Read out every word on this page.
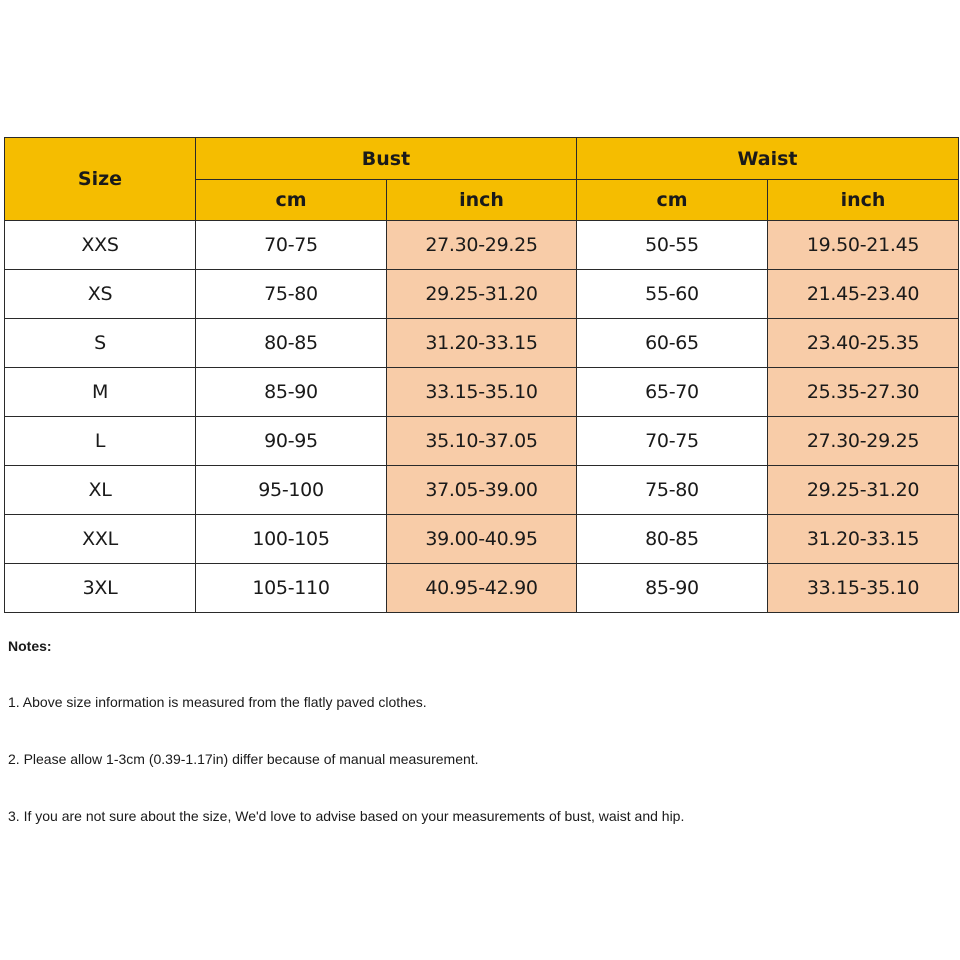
Size	Bust		Waist	
	cm	inch	cm	inch
XXS	70-75	27.30-29.25	50-55	19.50-21.45
XS	75-80	29.25-31.20	55-60	21.45-23.40
S	80-85	31.20-33.15	60-65	23.40-25.35
M	85-90	33.15-35.10	65-70	25.35-27.30
L	90-95	35.10-37.05	70-75	27.30-29.25
XL	95-100	37.05-39.00	75-80	29.25-31.20
XXL	100-105	39.00-40.95	80-85	31.20-33.15
3XL	105-110	40.95-42.90	85-90	33.15-35.10

Notes:

1. Above size information is measured from the flatly paved clothes.

2. Please allow 1-3cm (0.39-1.17in) differ because of manual measurement.

3. If you are not sure about the size, We'd love to advise based on your measurements of bust, waist and hip.
